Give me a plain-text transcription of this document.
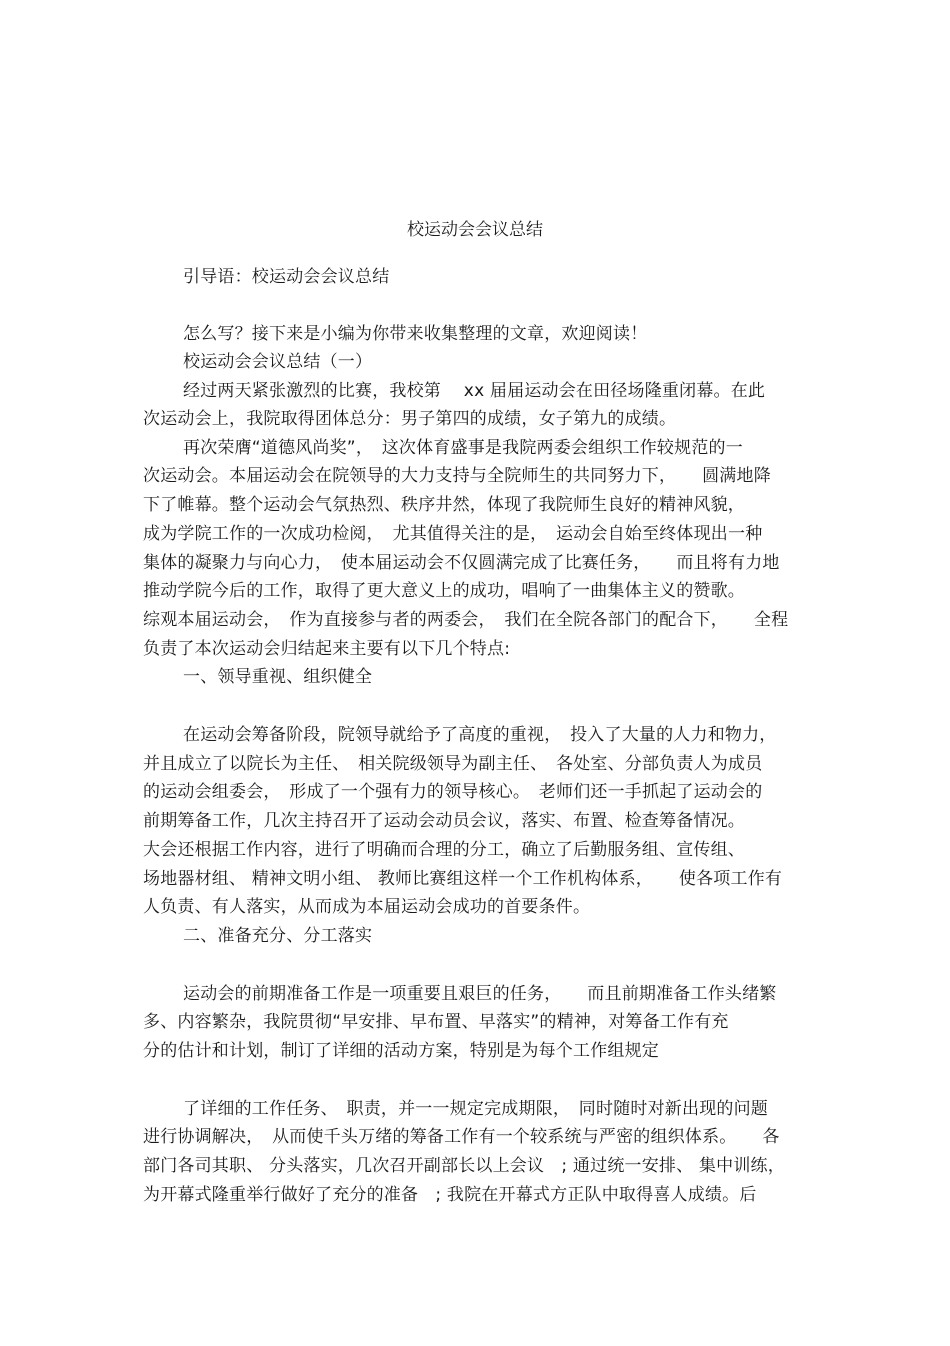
校运动会会议总结
引导语：校运动会会议总结
怎么写？接下来是小编为你带来收集整理的文章，欢迎阅读！
校运动会会议总结（一）
经过两天紧张激烈的比赛，我校第　 xx 届届运动会在田径场隆重闭幕。在此
次运动会上，我院取得团体总分：男子第四的成绩，女子第九的成绩。
再次荣膺“道德风尚奖”，　这次体育盛事是我院两委会组织工作较规范的一
次运动会。本届运动会在院领导的大力支持与全院师生的共同努力下，　　圆满地降
下了帷幕。整个运动会气氛热烈、秩序井然，体现了我院师生良好的精神风貌，
成为学院工作的一次成功检阅，　尤其值得关注的是，　运动会自始至终体现出一种
集体的凝聚力与向心力，　使本届运动会不仅圆满完成了比赛任务，　　而且将有力地
推动学院今后的工作，取得了更大意义上的成功，唱响了一曲集体主义的赞歌。
综观本届运动会，　作为直接参与者的两委会，　我们在全院各部门的配合下，　　全程
负责了本次运动会归结起来主要有以下几个特点:
一、领导重视、组织健全
在运动会筹备阶段，院领导就给予了高度的重视，　投入了大量的人力和物力，
并且成立了以院长为主任、　相关院级领导为副主任、　各处室、分部负责人为成员
的运动会组委会，　形成了一个强有力的领导核心。　老师们还一手抓起了运动会的
前期筹备工作，几次主持召开了运动会动员会议，落实、布置、检查筹备情况。
大会还根据工作内容，进行了明确而合理的分工，确立了后勤服务组、宣传组、
场地器材组、 精神文明小组、 教师比赛组这样一个工作机构体系，　　使各项工作有
人负责、有人落实，从而成为本届运动会成功的首要条件。
二、准备充分、分工落实
运动会的前期准备工作是一项重要且艰巨的任务，　　而且前期准备工作头绪繁
多、内容繁杂，我院贯彻“早安排、早布置、早落实”的精神，对筹备工作有充
分的估计和计划，制订了详细的活动方案，特别是为每个工作组规定
了详细的工作任务、　职责，并一一规定完成期限，　同时随时对新出现的问题
进行协调解决，　从而使千头万绪的筹备工作有一个较系统与严密的组织体系。　　各
部门各司其职、 分头落实，几次召开副部长以上会议　; 通过统一安排、 集中训练，
为开幕式隆重举行做好了充分的准备　; 我院在开幕式方正队中取得喜人成绩。后
